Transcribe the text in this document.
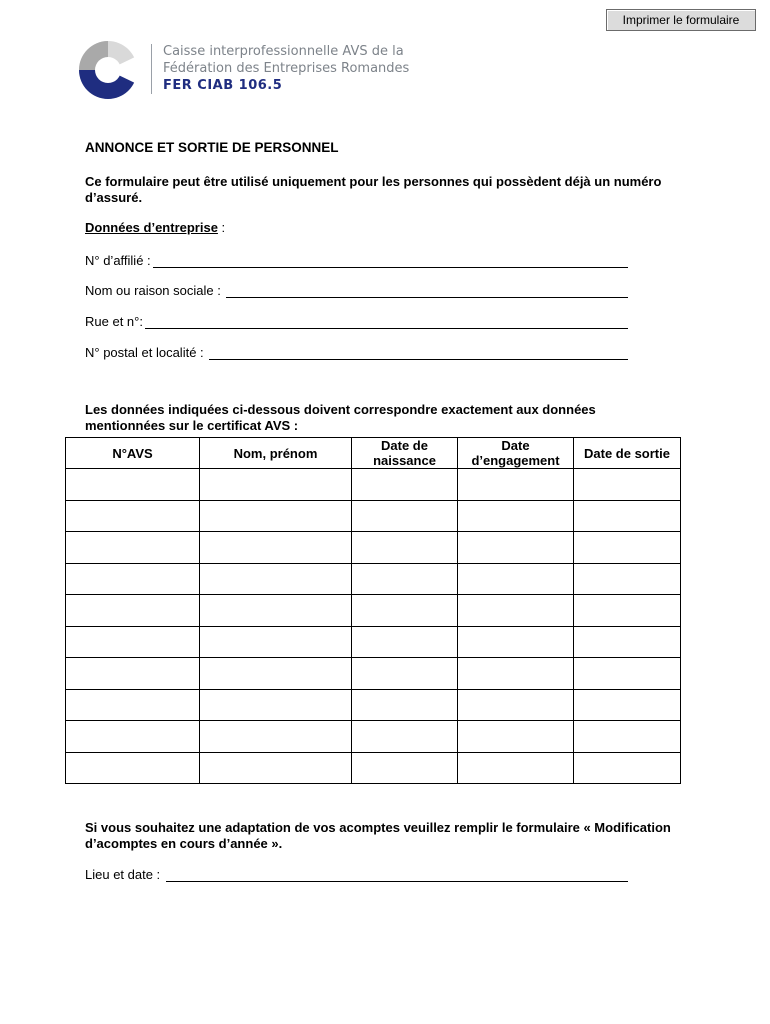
Imprimer le formulaire
Caisse interprofessionnelle AVS de la
Fédération des Entreprises Romandes
FER CIAB 106.5
ANNONCE ET SORTIE DE PERSONNEL
Ce formulaire peut être utilisé uniquement pour les personnes qui possèdent déjà un numéro d’assuré.
Données d’entreprise :
N° d’affilié :
Nom ou raison sociale :
Rue et n°:
N° postal et localité :
Les données indiquées ci-dessous doivent correspondre exactement aux données mentionnées sur le certificat AVS :
N°AVS	Nom, prénom	Date de naissance	Date d’engagement	Date de sortie

Si vous souhaitez une adaptation de vos acomptes veuillez remplir le formulaire « Modification d’acomptes en cours d’année ».
Lieu et date :
